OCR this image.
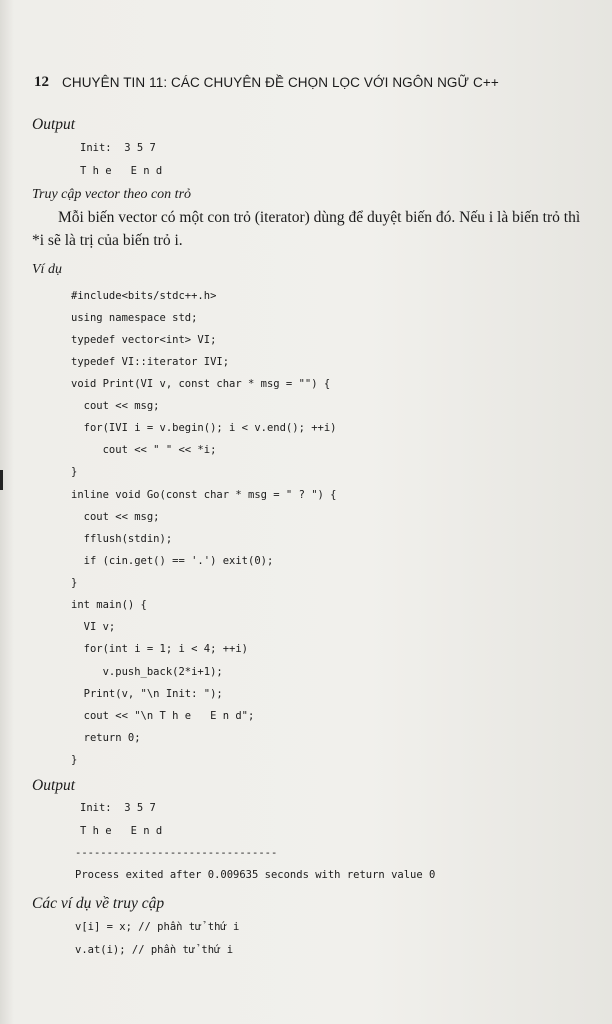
12 CHUYÊN TIN 11: CÁC CHUYÊN ĐỀ CHỌN LỌC VỚI NGÔN NGỮ C++
Output
Init:  3 5 7
T h e   E n d
Truy cập vector theo con trỏ
Mỗi biến vector có một con trỏ (iterator) dùng để duyệt biến đó. Nếu i là biến trỏ thì
*i sẽ là trị của biến trỏ i.
Ví dụ
#include<bits/stdc++.h>
using namespace std;
typedef vector<int> VI;
typedef VI::iterator IVI;
void Print(VI v, const char * msg = "") {
cout << msg;
for(IVI i = v.begin(); i < v.end(); ++i)
cout << " " << *i;
}
inline void Go(const char * msg = " ? ") {
cout << msg;
fflush(stdin);
if (cin.get() == '.') exit(0);
}
int main() {
VI v;
for(int i = 1; i < 4; ++i)
v.push_back(2*i+1);
Print(v, "\n Init: ");
cout << "\n T h e   E n d";
return 0;
}
Output
Init:  3 5 7
T h e   E n d
--------------------------------
Process exited after 0.009635 seconds with return value 0
Các ví dụ về truy cập
v[i] = x; // phần tử thứ i
v.at(i); // phần tử thứ i
